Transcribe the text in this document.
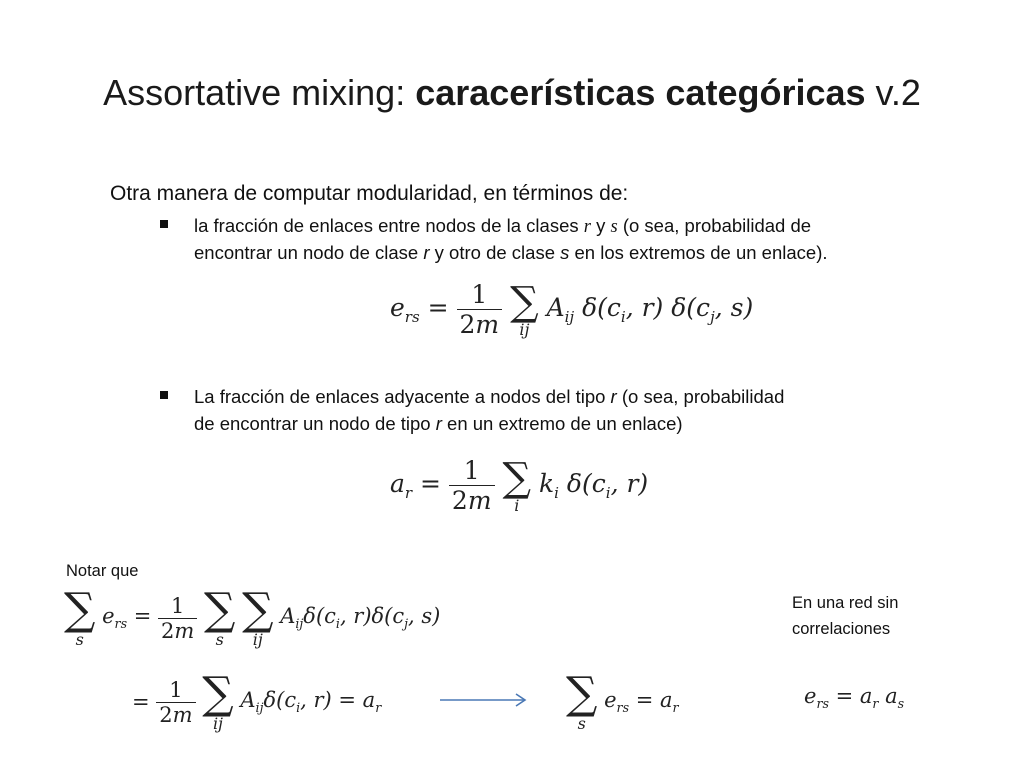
Assortative mixing: caracerísticas categóricas v.2
Otra manera de computar modularidad, en términos de:
la fracción de enlaces entre nodos de la clases r y s (o sea, probabilidad de
encontrar un nodo de clase r y otro de clase s en los extremos de un enlace).
$e_{rs} = \frac{1}{2m}$
∑
ij
$A_{ij}$ $\delta(c_i$, r) $\delta(c_j$, s)
La fracción de enlaces adyacente a nodos del tipo r (o sea, probabilidad
de encontrar un nodo de tipo r en un extremo de un enlace)
$a_r = \frac{1}{2m}$
∑
i
$k_i$ $\delta(c_i$, r)
Notar que
∑
s
$e_{rs} = \frac{1}{2m}$
∑
s

∑
ij
$A_{ij}\delta(c_i$, $r)\delta(c_j$, s)
= $\frac{1}{2m}$
∑
ij
$A_{ij}\delta(c_i$, $r) = a_r$	∑
s
$e_{rs} = a_r$
En una red sin
correlaciones
$e_{rs} = a_r$ $a_s$
